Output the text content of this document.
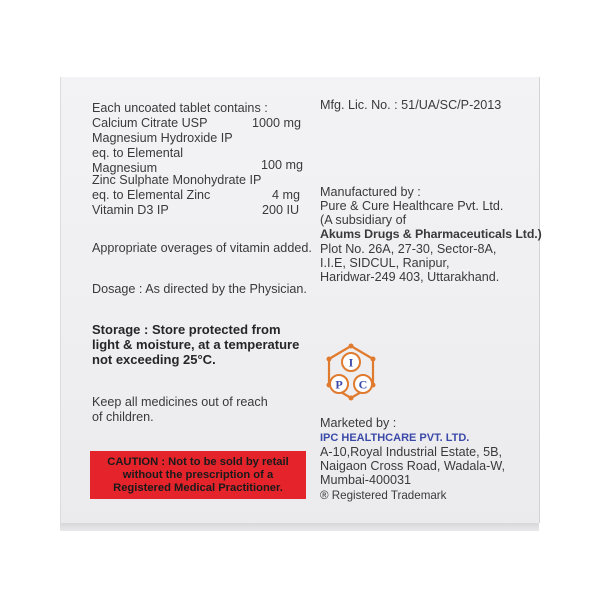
Each uncoated tablet contains :
Calcium Citrate USP	1000 mg
Magnesium Hydroxide IP
eq. to Elemental
Magnesium	100 mg
Zinc Sulphate Monohydrate IP
eq. to Elemental Zinc	4 mg
Vitamin D3 IP	200 IU
Appropriate overages of vitamin added.
Dosage : As directed by the Physician.
Storage : Store protected from
light & moisture, at a temperature
not exceeding 25°C.
Keep all medicines out of reach
of children.
CAUTION : Not to be sold by retail
without the prescription of a
Registered Medical Practitioner.
Mfg. Lic. No. : 51/UA/SC/P-2013
Manufactured by :
Pure & Cure Healthcare Pvt. Ltd.
(A subsidiary of
Akums Drugs & Pharmaceuticals Ltd.)
Plot No. 26A, 27-30, Sector-8A,
I.I.E, SIDCUL, Ranipur,
Haridwar-249 403, Uttarakhand.
I
P C
Marketed by :
IPC HEALTHCARE PVT. LTD.
A-10,Royal Industrial Estate, 5B,
Naigaon Cross Road, Wadala-W,
Mumbai-400031
® Registered Trademark
